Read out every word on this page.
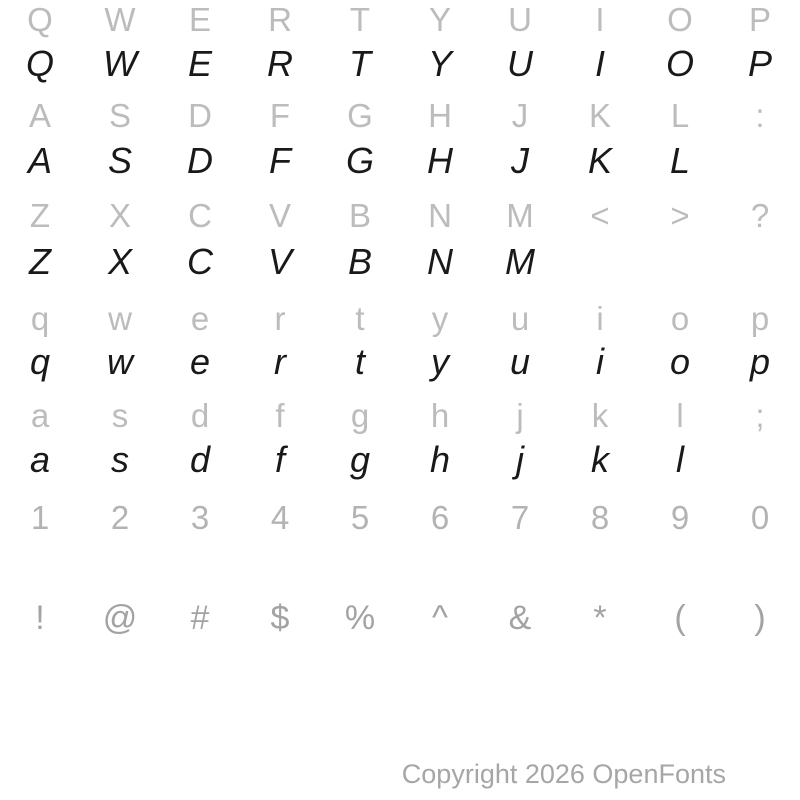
Q	W	E	R	T	Y	U	I	O	P
Q	W	E	R	T	Y	U	I	O	P
A	S	D	F	G	H	J	K	L	:
A	S	D	F	G	H	J	K	L
Z	X	C	V	B	N	M	<	>	?
Z	X	C	V	B	N	M
q	w	e	r	t	y	u	i	o	p
q	w	e	r	t	y	u	i	o	p
a	s	d	f	g	h	j	k	l	;
a	s	d	f	g	h	j	k	l
1	2	3	4	5	6	7	8	9	0
!	@	#	$	%	^	&	*	(	)
Copyright 2026 OpenFonts
